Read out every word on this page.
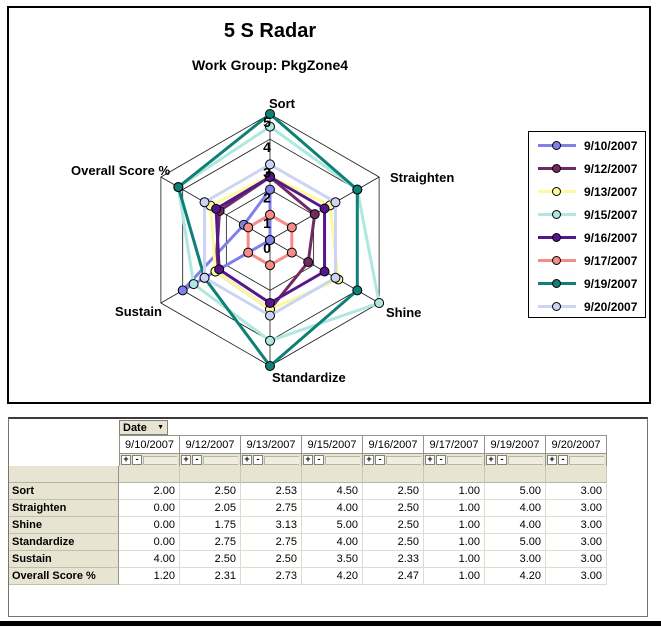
5 S Radar
Work Group: PkgZone4
0
1
2
3
4
5
Sort
Straighten
Shine
Standardize
Sustain
Overall Score %
9/10/2007
9/12/2007
9/13/2007
9/15/2007
9/16/2007
9/17/2007
9/19/2007
9/20/2007
Date ▼
9/10/2007	9/12/2007	9/13/2007	9/15/2007	9/16/2007	9/17/2007	9/19/2007	9/20/2007
+ -	+ -	+ -	+ -	+ -	+ -	+ -	+ -
Sort	2.00	2.50	2.53	4.50	2.50	1.00	5.00	3.00
Straighten	0.00	2.05	2.75	4.00	2.50	1.00	4.00	3.00
Shine	0.00	1.75	3.13	5.00	2.50	1.00	4.00	3.00
Standardize	0.00	2.75	2.75	4.00	2.50	1.00	5.00	3.00
Sustain	4.00	2.50	2.50	3.50	2.33	1.00	3.00	3.00
Overall Score %	1.20	2.31	2.73	4.20	2.47	1.00	4.20	3.00
